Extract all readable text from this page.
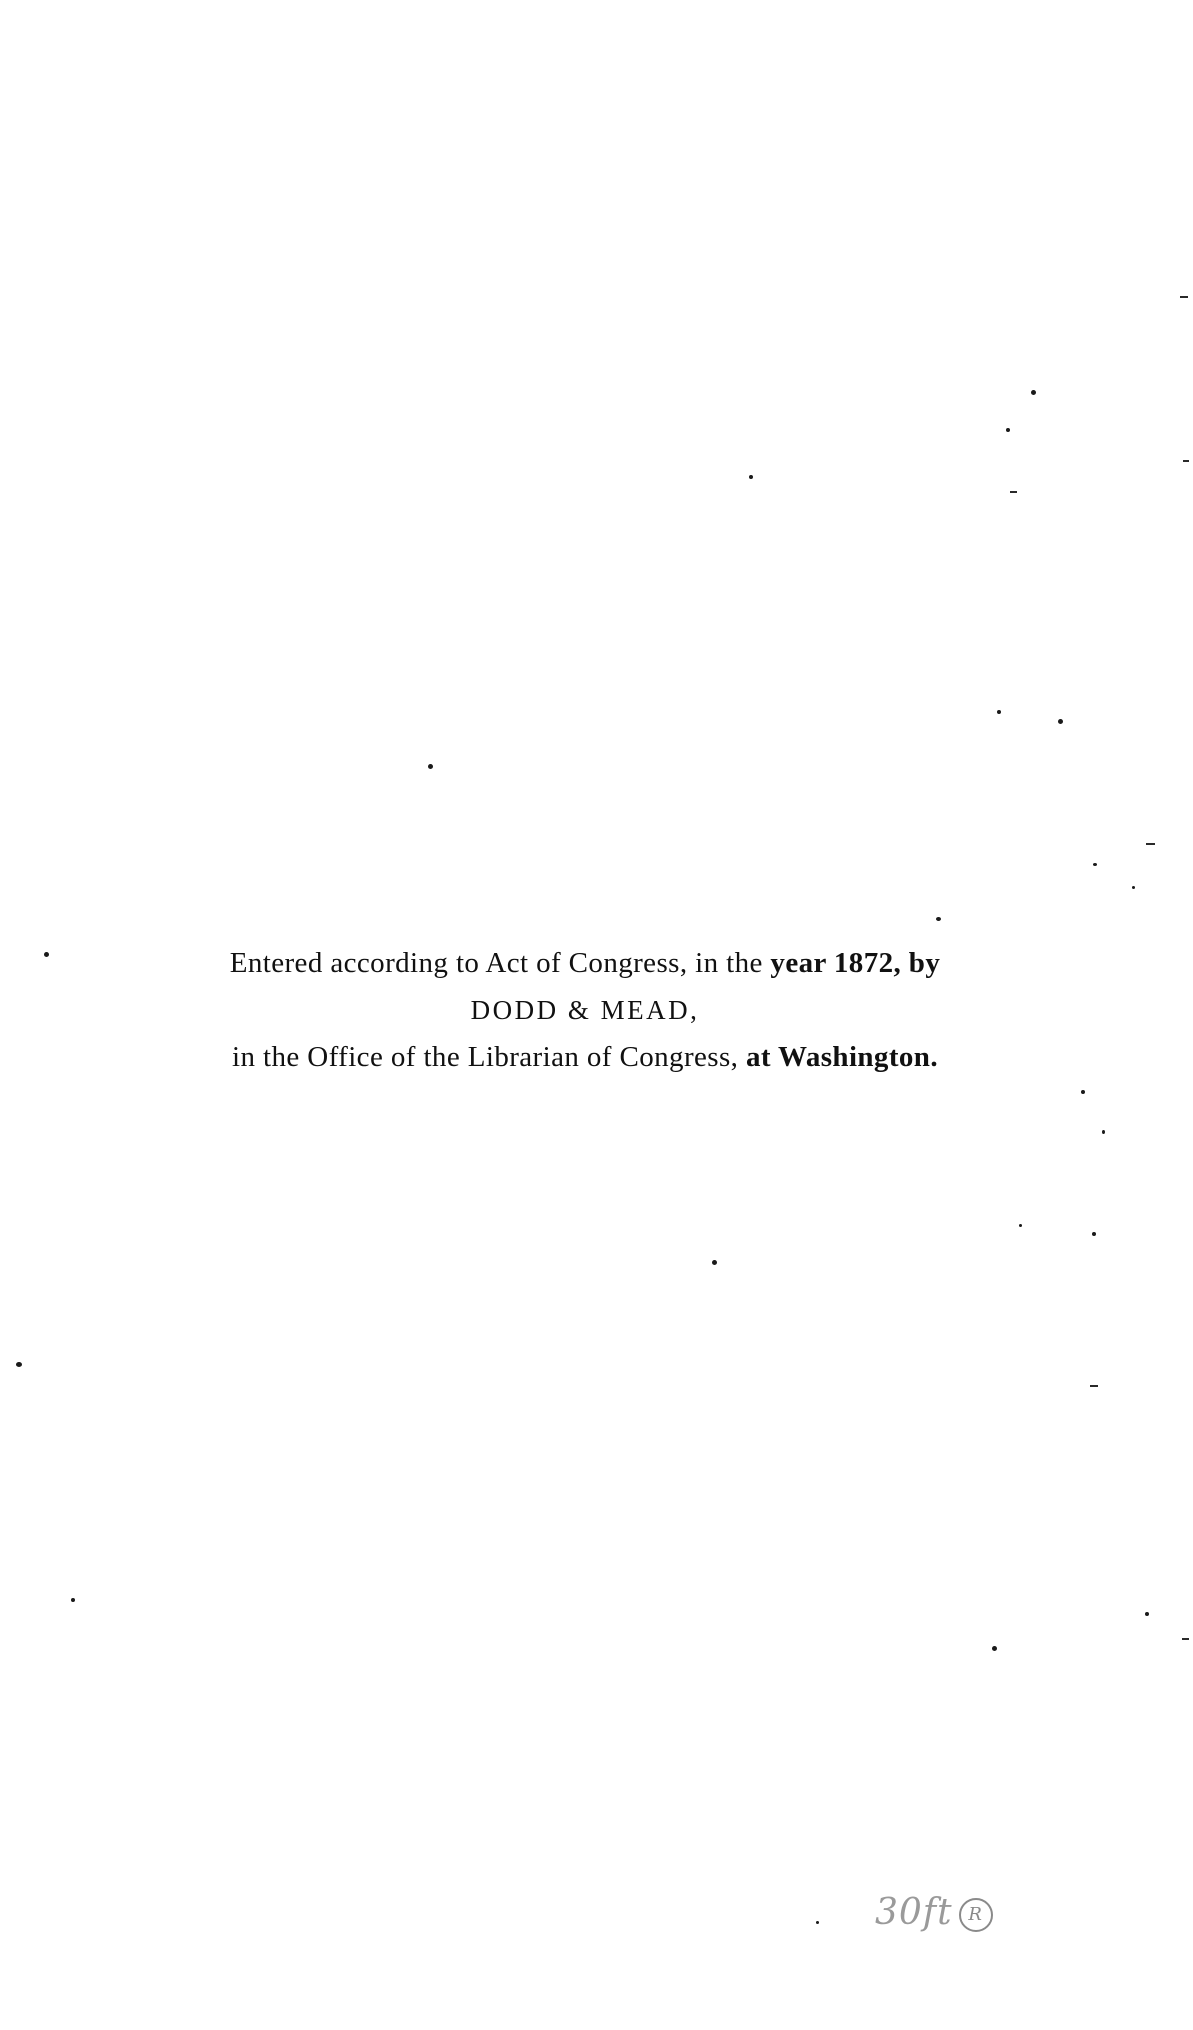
Entered according to Act of Congress, in the year 1872, by
DODD & MEAD,
in the Office of the Librarian of Congress, at Washington.
30ft R
